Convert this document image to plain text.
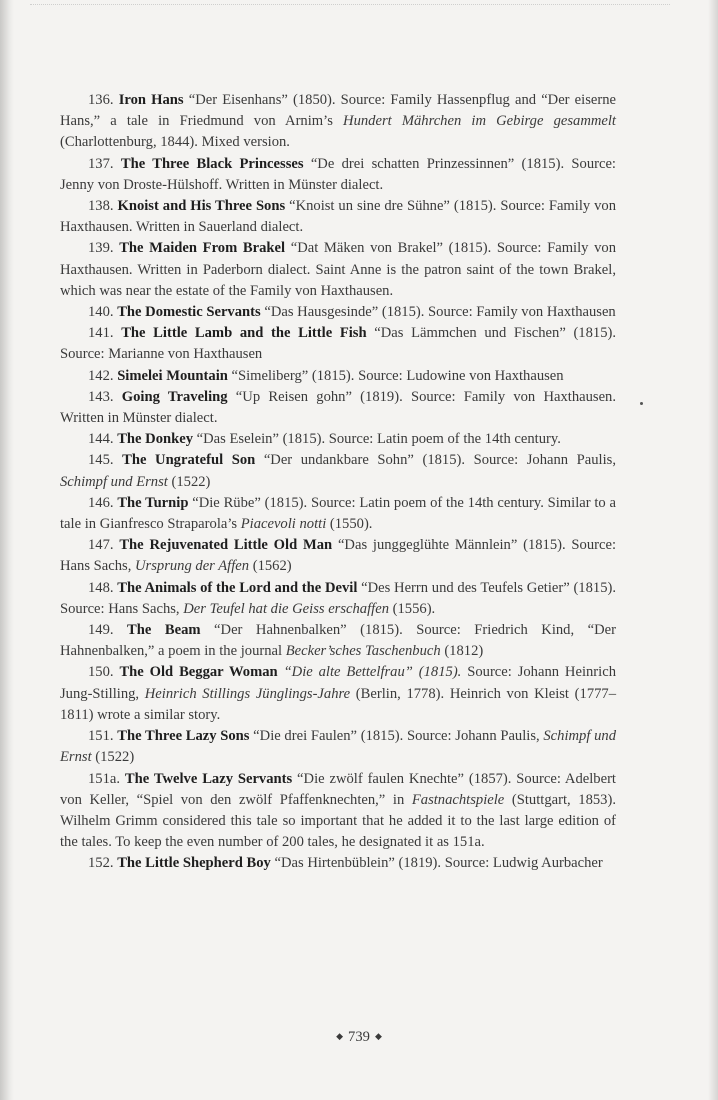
136. Iron Hans “Der Eisenhans” (1850). Source: Family Hassenpflug and “Der eiserne Hans,” a tale in Friedmund von Arnim’s Hundert Mährchen im Gebirge gesammelt (Charlottenburg, 1844). Mixed version.

137. The Three Black Princesses “De drei schatten Prinzessinnen” (1815). Source: Jenny von Droste-Hülshoff. Written in Münster dialect.

138. Knoist and His Three Sons “Knoist un sine dre Sühne” (1815). Source: Family von Haxthausen. Written in Sauerland dialect.

139. The Maiden From Brakel “Dat Mäken von Brakel” (1815). Source: Family von Haxthausen. Written in Paderborn dialect. Saint Anne is the patron saint of the town Brakel, which was near the estate of the Family von Haxthausen.

140. The Domestic Servants “Das Hausgesinde” (1815). Source: Family von Haxthausen

141. The Little Lamb and the Little Fish “Das Lämmchen und Fischen” (1815). Source: Marianne von Haxthausen

142. Simelei Mountain “Simeliberg” (1815). Source: Ludowine von Haxthausen

143. Going Traveling “Up Reisen gohn” (1819). Source: Family von Haxthausen. Written in Münster dialect.

144. The Donkey “Das Eselein” (1815). Source: Latin poem of the 14th century.

145. The Ungrateful Son “Der undankbare Sohn” (1815). Source: Johann Paulis, Schimpf und Ernst (1522)

146. The Turnip “Die Rübe” (1815). Source: Latin poem of the 14th century. Similar to a tale in Gianfresco Straparola’s Piacevoli notti (1550).

147. The Rejuvenated Little Old Man “Das junggeglühte Männlein” (1815). Source: Hans Sachs, Ursprung der Affen (1562)

148. The Animals of the Lord and the Devil “Des Herrn und des Teufels Getier” (1815). Source: Hans Sachs, Der Teufel hat die Geiss erschaffen (1556).

149. The Beam “Der Hahnenbalken” (1815). Source: Friedrich Kind, “Der Hahnenbalken,” a poem in the journal Becker’sches Taschenbuch (1812)

150. The Old Beggar Woman “Die alte Bettelfrau” (1815). Source: Johann Heinrich Jung-Stilling, Heinrich Stillings Jünglings-Jahre (Berlin, 1778). Heinrich von Kleist (1777–1811) wrote a similar story.

151. The Three Lazy Sons “Die drei Faulen” (1815). Source: Johann Paulis, Schimpf und Ernst (1522)

151a. The Twelve Lazy Servants “Die zwölf faulen Knechte” (1857). Source: Adelbert von Keller, “Spiel von den zwölf Pfaffenknechten,” in Fastnachtspiele (Stuttgart, 1853). Wilhelm Grimm considered this tale so important that he added it to the last large edition of the tales. To keep the even number of 200 tales, he designated it as 151a.

152. The Little Shepherd Boy “Das Hirtenbüblein” (1819). Source: Ludwig Aurbacher

◆ 739 ◆
